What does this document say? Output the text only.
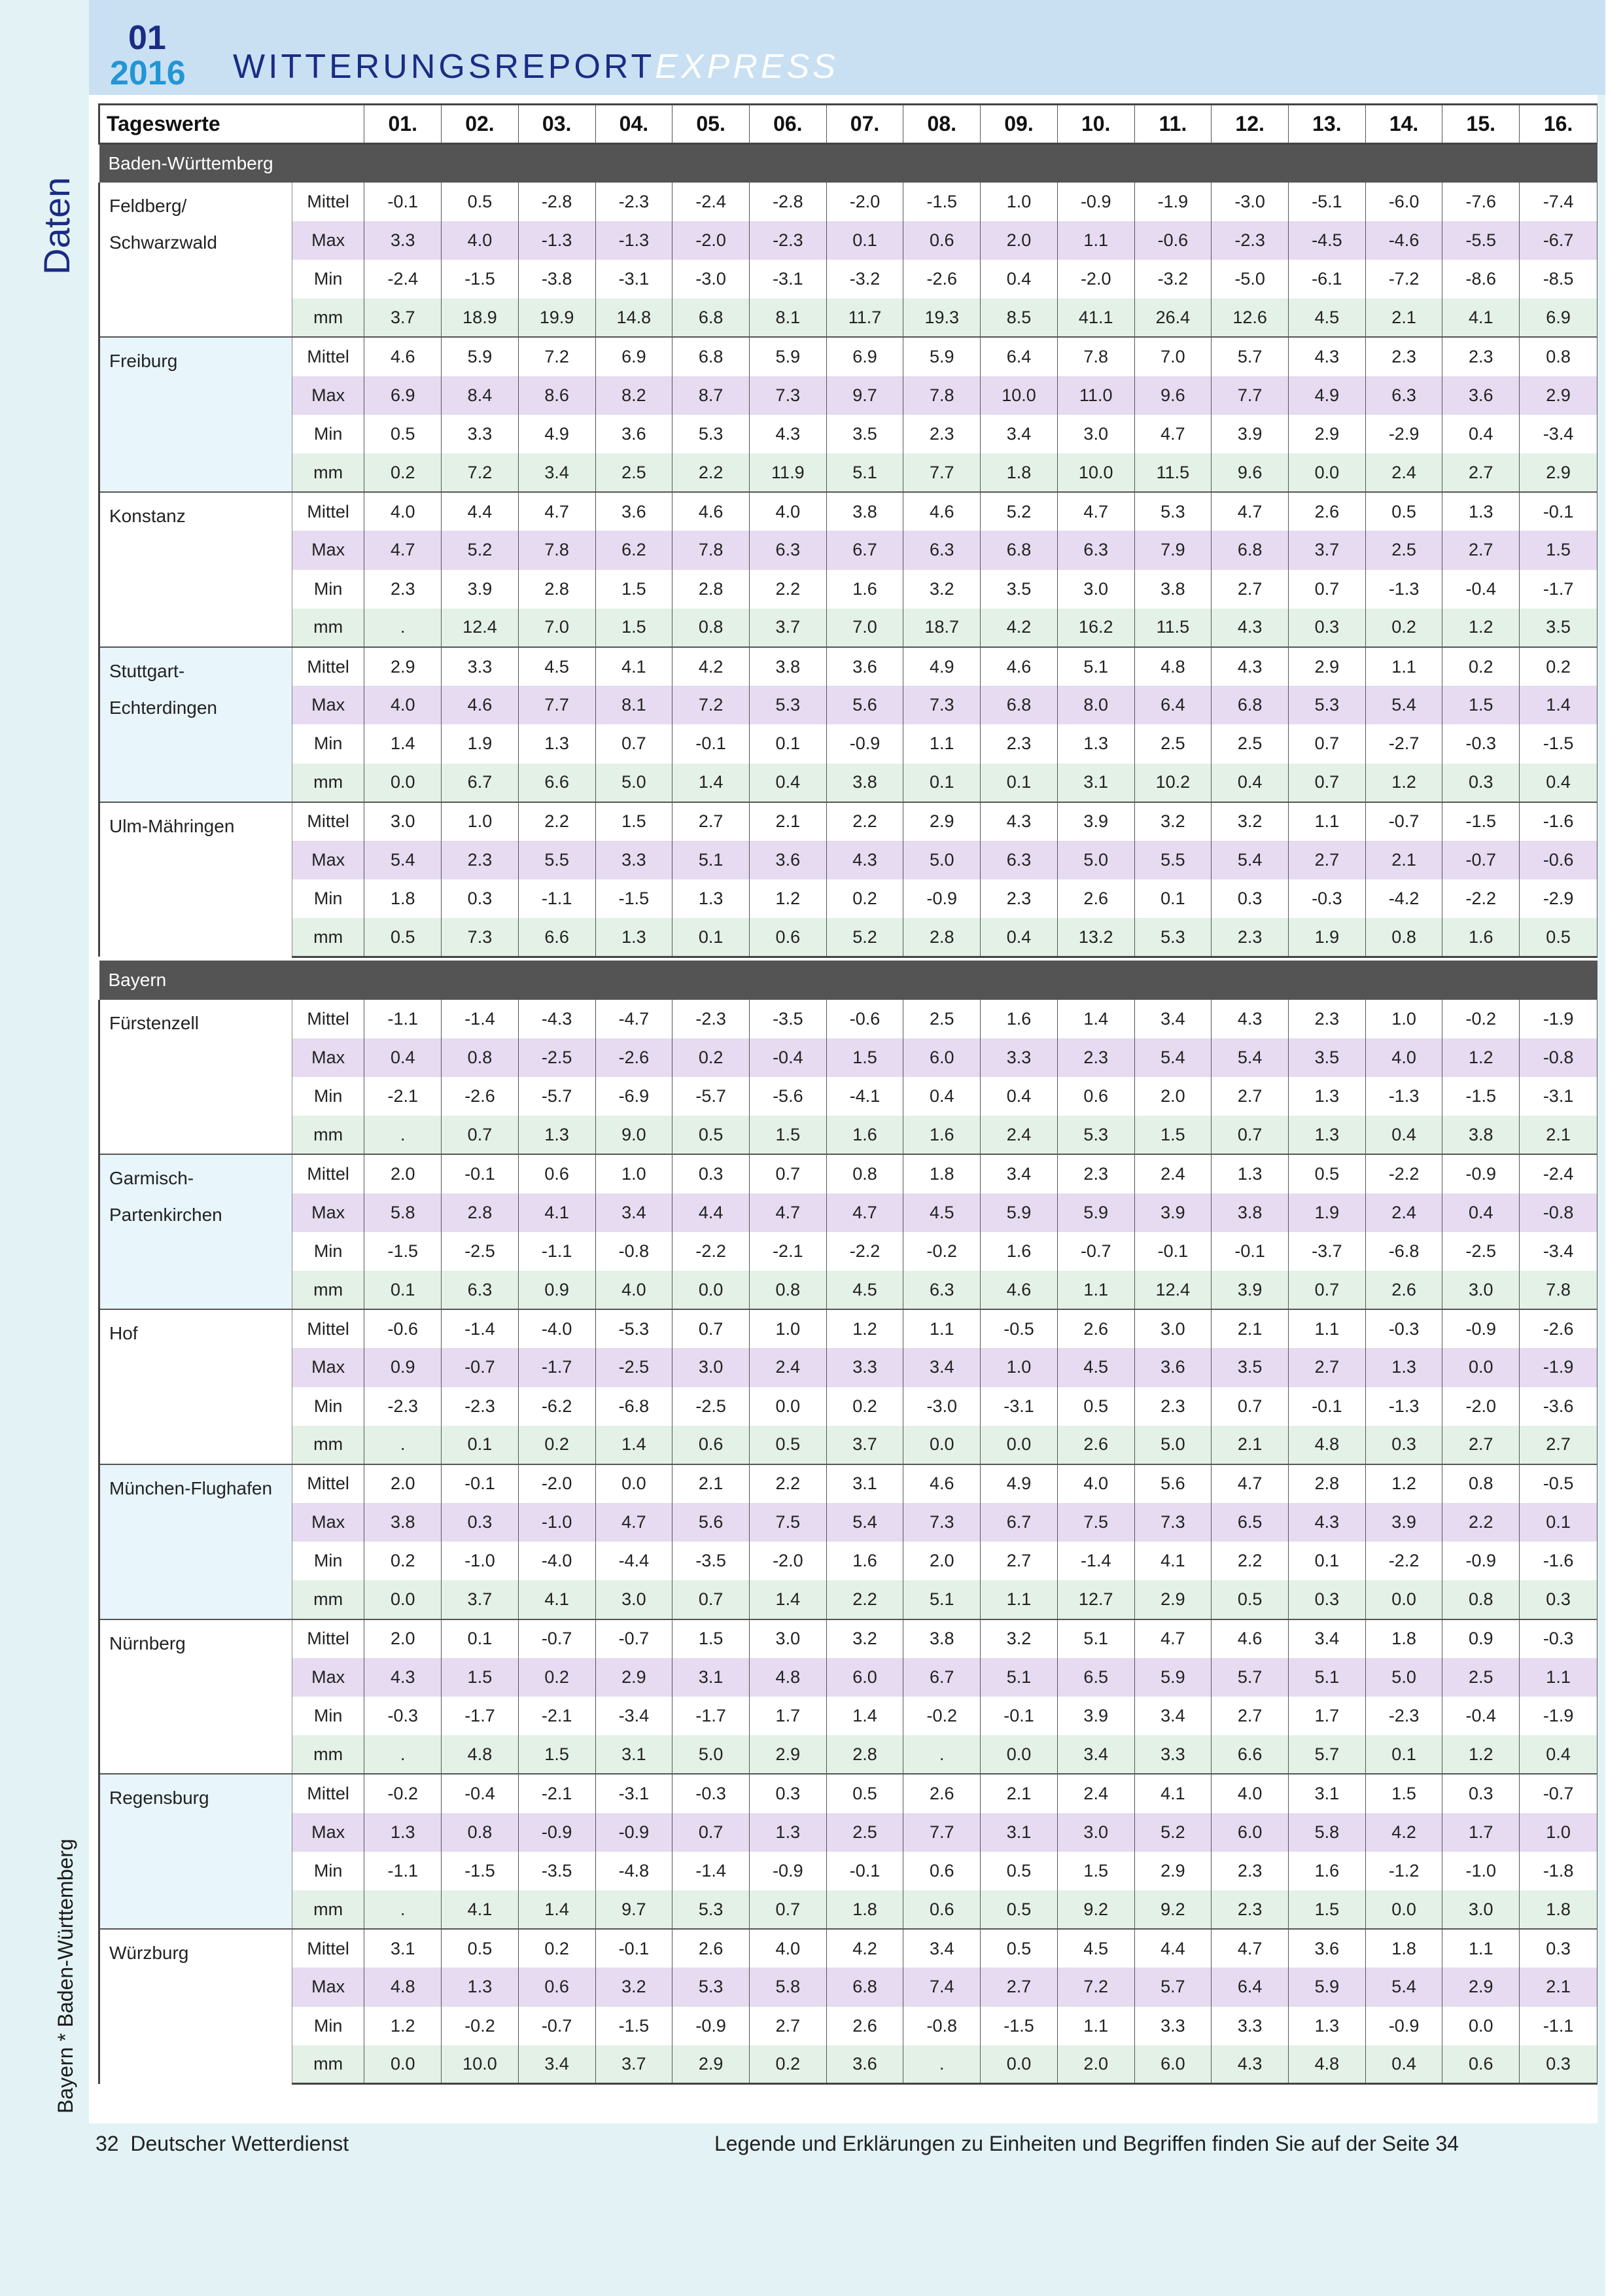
01
2016 WITTERUNGSREPORTEXPRESS
Daten
Bayern * Baden-Württemberg
Tageswerte		01.	02.	03.	04.	05.	06.	07.	08.	09.	10.	11.	12.	13.	14.	15.	16.
Baden-Württemberg																	
Feldberg/ Schwarzwald	Mittel	-0.1	0.5	-2.8	-2.3	-2.4	-2.8	-2.0	-1.5	1.0	-0.9	-1.9	-3.0	-5.1	-6.0	-7.6	-7.4
	Max	3.3	4.0	-1.3	-1.3	-2.0	-2.3	0.1	0.6	2.0	1.1	-0.6	-2.3	-4.5	-4.6	-5.5	-6.7
	Min	-2.4	-1.5	-3.8	-3.1	-3.0	-3.1	-3.2	-2.6	0.4	-2.0	-3.2	-5.0	-6.1	-7.2	-8.6	-8.5
	mm	3.7	18.9	19.9	14.8	6.8	8.1	11.7	19.3	8.5	41.1	26.4	12.6	4.5	2.1	4.1	6.9
Freiburg	Mittel	4.6	5.9	7.2	6.9	6.8	5.9	6.9	5.9	6.4	7.8	7.0	5.7	4.3	2.3	2.3	0.8
	Max	6.9	8.4	8.6	8.2	8.7	7.3	9.7	7.8	10.0	11.0	9.6	7.7	4.9	6.3	3.6	2.9
	Min	0.5	3.3	4.9	3.6	5.3	4.3	3.5	2.3	3.4	3.0	4.7	3.9	2.9	-2.9	0.4	-3.4
	mm	0.2	7.2	3.4	2.5	2.2	11.9	5.1	7.7	1.8	10.0	11.5	9.6	0.0	2.4	2.7	2.9
Konstanz	Mittel	4.0	4.4	4.7	3.6	4.6	4.0	3.8	4.6	5.2	4.7	5.3	4.7	2.6	0.5	1.3	-0.1
	Max	4.7	5.2	7.8	6.2	7.8	6.3	6.7	6.3	6.8	6.3	7.9	6.8	3.7	2.5	2.7	1.5
	Min	2.3	3.9	2.8	1.5	2.8	2.2	1.6	3.2	3.5	3.0	3.8	2.7	0.7	-1.3	-0.4	-1.7
	mm	.	12.4	7.0	1.5	0.8	3.7	7.0	18.7	4.2	16.2	11.5	4.3	0.3	0.2	1.2	3.5
Stuttgart-Echterdingen	Mittel	2.9	3.3	4.5	4.1	4.2	3.8	3.6	4.9	4.6	5.1	4.8	4.3	2.9	1.1	0.2	0.2
	Max	4.0	4.6	7.7	8.1	7.2	5.3	5.6	7.3	6.8	8.0	6.4	6.8	5.3	5.4	1.5	1.4
	Min	1.4	1.9	1.3	0.7	-0.1	0.1	-0.9	1.1	2.3	1.3	2.5	2.5	0.7	-2.7	-0.3	-1.5
	mm	0.0	6.7	6.6	5.0	1.4	0.4	3.8	0.1	0.1	3.1	10.2	0.4	0.7	1.2	0.3	0.4
Ulm-Mähringen	Mittel	3.0	1.0	2.2	1.5	2.7	2.1	2.2	2.9	4.3	3.9	3.2	3.2	1.1	-0.7	-1.5	-1.6
	Max	5.4	2.3	5.5	3.3	5.1	3.6	4.3	5.0	6.3	5.0	5.5	5.4	2.7	2.1	-0.7	-0.6
	Min	1.8	0.3	-1.1	-1.5	1.3	1.2	0.2	-0.9	2.3	2.6	0.1	0.3	-0.3	-4.2	-2.2	-2.9
	mm	0.5	7.3	6.6	1.3	0.1	0.6	5.2	2.8	0.4	13.2	5.3	2.3	1.9	0.8	1.6	0.5

Bayern																	
Fürstenzell	Mittel	-1.1	-1.4	-4.3	-4.7	-2.3	-3.5	-0.6	2.5	1.6	1.4	3.4	4.3	2.3	1.0	-0.2	-1.9
	Max	0.4	0.8	-2.5	-2.6	0.2	-0.4	1.5	6.0	3.3	2.3	5.4	5.4	3.5	4.0	1.2	-0.8
	Min	-2.1	-2.6	-5.7	-6.9	-5.7	-5.6	-4.1	0.4	0.4	0.6	2.0	2.7	1.3	-1.3	-1.5	-3.1
	mm	.	0.7	1.3	9.0	0.5	1.5	1.6	1.6	2.4	5.3	1.5	0.7	1.3	0.4	3.8	2.1
Garmisch- Partenkirchen	Mittel	2.0	-0.1	0.6	1.0	0.3	0.7	0.8	1.8	3.4	2.3	2.4	1.3	0.5	-2.2	-0.9	-2.4
	Max	5.8	2.8	4.1	3.4	4.4	4.7	4.7	4.5	5.9	5.9	3.9	3.8	1.9	2.4	0.4	-0.8
	Min	-1.5	-2.5	-1.1	-0.8	-2.2	-2.1	-2.2	-0.2	1.6	-0.7	-0.1	-0.1	-3.7	-6.8	-2.5	-3.4
	mm	0.1	6.3	0.9	4.0	0.0	0.8	4.5	6.3	4.6	1.1	12.4	3.9	0.7	2.6	3.0	7.8
Hof	Mittel	-0.6	-1.4	-4.0	-5.3	0.7	1.0	1.2	1.1	-0.5	2.6	3.0	2.1	1.1	-0.3	-0.9	-2.6
	Max	0.9	-0.7	-1.7	-2.5	3.0	2.4	3.3	3.4	1.0	4.5	3.6	3.5	2.7	1.3	0.0	-1.9
	Min	-2.3	-2.3	-6.2	-6.8	-2.5	0.0	0.2	-3.0	-3.1	0.5	2.3	0.7	-0.1	-1.3	-2.0	-3.6
	mm	.	0.1	0.2	1.4	0.6	0.5	3.7	0.0	0.0	2.6	5.0	2.1	4.8	0.3	2.7	2.7
München-Flughafen	Mittel	2.0	-0.1	-2.0	0.0	2.1	2.2	3.1	4.6	4.9	4.0	5.6	4.7	2.8	1.2	0.8	-0.5
	Max	3.8	0.3	-1.0	4.7	5.6	7.5	5.4	7.3	6.7	7.5	7.3	6.5	4.3	3.9	2.2	0.1
	Min	0.2	-1.0	-4.0	-4.4	-3.5	-2.0	1.6	2.0	2.7	-1.4	4.1	2.2	0.1	-2.2	-0.9	-1.6
	mm	0.0	3.7	4.1	3.0	0.7	1.4	2.2	5.1	1.1	12.7	2.9	0.5	0.3	0.0	0.8	0.3
Nürnberg	Mittel	2.0	0.1	-0.7	-0.7	1.5	3.0	3.2	3.8	3.2	5.1	4.7	4.6	3.4	1.8	0.9	-0.3
	Max	4.3	1.5	0.2	2.9	3.1	4.8	6.0	6.7	5.1	6.5	5.9	5.7	5.1	5.0	2.5	1.1
	Min	-0.3	-1.7	-2.1	-3.4	-1.7	1.7	1.4	-0.2	-0.1	3.9	3.4	2.7	1.7	-2.3	-0.4	-1.9
	mm	.	4.8	1.5	3.1	5.0	2.9	2.8	.	0.0	3.4	3.3	6.6	5.7	0.1	1.2	0.4
Regensburg	Mittel	-0.2	-0.4	-2.1	-3.1	-0.3	0.3	0.5	2.6	2.1	2.4	4.1	4.0	3.1	1.5	0.3	-0.7
	Max	1.3	0.8	-0.9	-0.9	0.7	1.3	2.5	7.7	3.1	3.0	5.2	6.0	5.8	4.2	1.7	1.0
	Min	-1.1	-1.5	-3.5	-4.8	-1.4	-0.9	-0.1	0.6	0.5	1.5	2.9	2.3	1.6	-1.2	-1.0	-1.8
	mm	.	4.1	1.4	9.7	5.3	0.7	1.8	0.6	0.5	9.2	9.2	2.3	1.5	0.0	3.0	1.8
Würzburg	Mittel	3.1	0.5	0.2	-0.1	2.6	4.0	4.2	3.4	0.5	4.5	4.4	4.7	3.6	1.8	1.1	0.3
	Max	4.8	1.3	0.6	3.2	5.3	5.8	6.8	7.4	2.7	7.2	5.7	6.4	5.9	5.4	2.9	2.1
	Min	1.2	-0.2	-0.7	-1.5	-0.9	2.7	2.6	-0.8	-1.5	1.1	3.3	3.3	1.3	-0.9	0.0	-1.1
	mm	0.0	10.0	3.4	3.7	2.9	0.2	3.6	.	0.0	2.0	6.0	4.3	4.8	0.4	0.6	0.3
32 Deutscher Wetterdienst	Legende und Erklärungen zu Einheiten und Begriffen finden Sie auf der Seite 34
